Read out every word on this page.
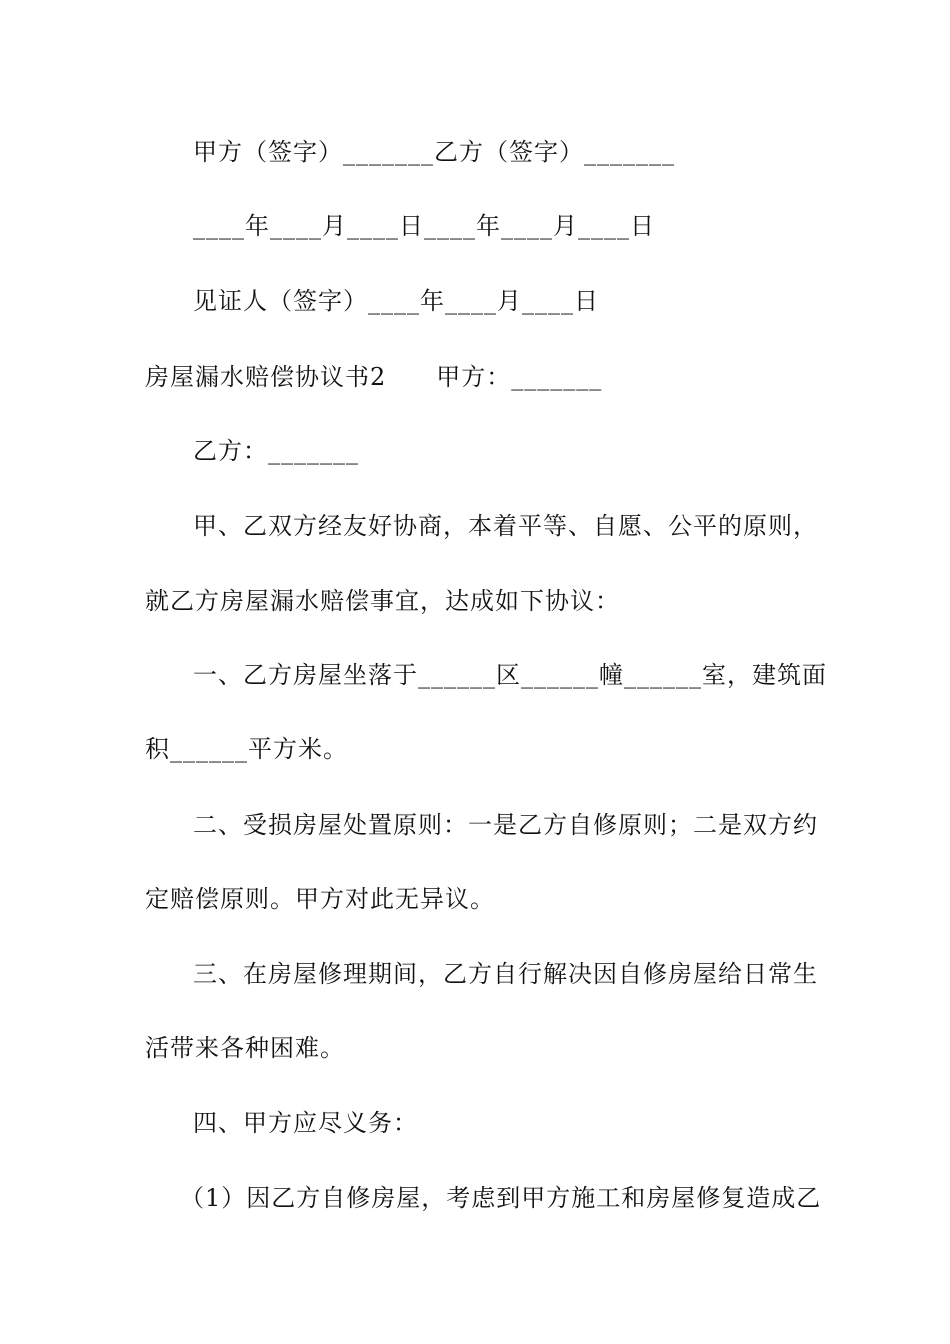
甲方（签字）_______乙方（签字）_______
____年____月____日____年____月____日
见证人（签字）____年____月____日
房屋漏水赔偿协议书2　　甲方：_______
乙方：_______
甲、乙双方经友好协商，本着平等、自愿、公平的原则，
就乙方房屋漏水赔偿事宜，达成如下协议：
一、乙方房屋坐落于______区______幢______室，建筑面
积______平方米。
二、受损房屋处置原则：一是乙方自修原则；二是双方约
定赔偿原则。甲方对此无异议。
三、在房屋修理期间，乙方自行解决因自修房屋给日常生
活带来各种困难。
四、甲方应尽义务：
（1）因乙方自修房屋，考虑到甲方施工和房屋修复造成乙
